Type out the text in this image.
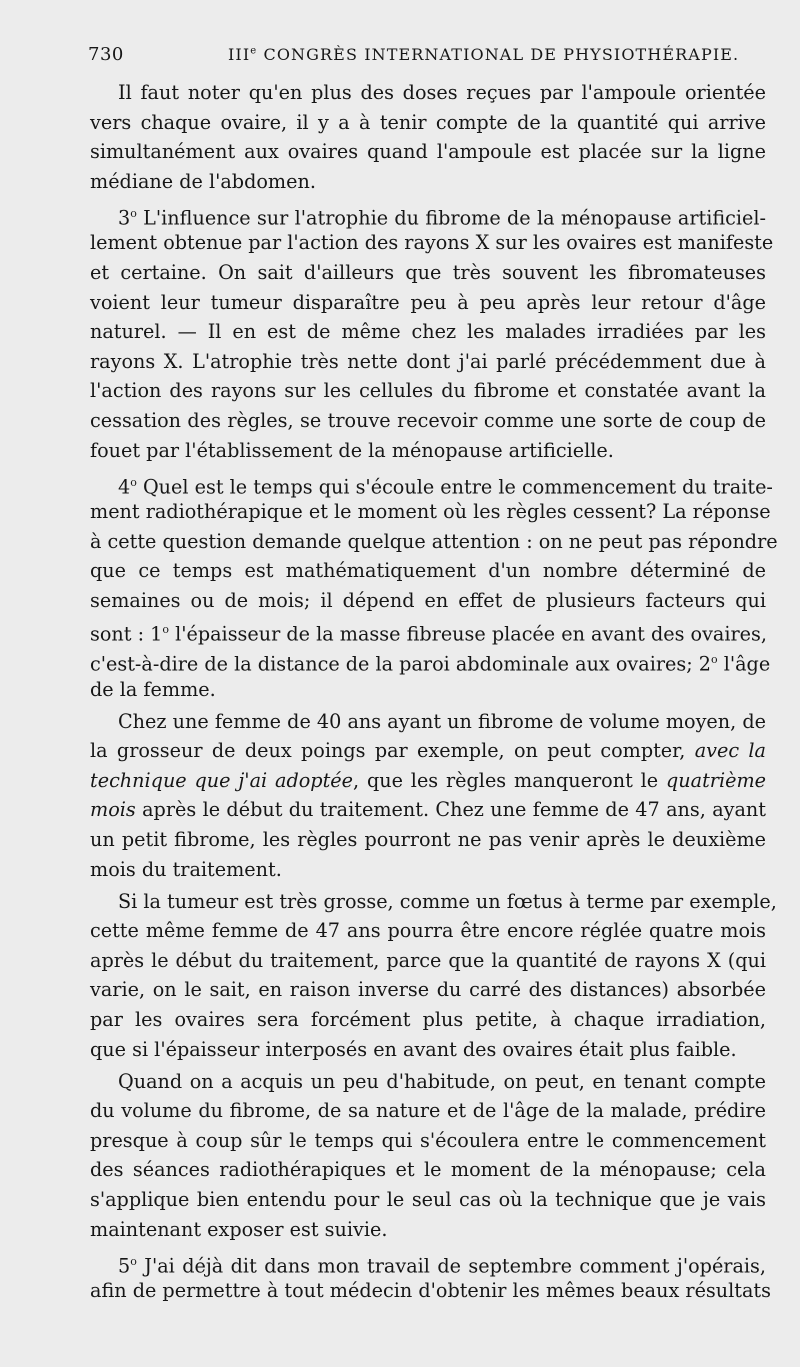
730	IIIe CONGRÈS INTERNATIONAL DE PHYSIOTHÉRAPIE.
Il faut noter qu'en plus des doses reçues par l'ampoule orientée
vers chaque ovaire, il y a à tenir compte de la quantité qui arrive
simultanément aux ovaires quand l'ampoule est placée sur la ligne
médiane de l'abdomen.
3$^o$ L'influence sur l'atrophie du fibrome de la ménopause artificiel-
lement obtenue par l'action des rayons X sur les ovaires est manifeste
et certaine. On sait d'ailleurs que très souvent les fibromateuses
voient leur tumeur disparaître peu à peu après leur retour d'âge
naturel. — Il en est de même chez les malades irradiées par les
rayons X. L'atrophie très nette dont j'ai parlé précédemment due à
l'action des rayons sur les cellules du fibrome et constatée avant la
cessation des règles, se trouve recevoir comme une sorte de coup de
fouet par l'établissement de la ménopause artificielle.
4$^o$ Quel est le temps qui s'écoule entre le commencement du traite-
ment radiothérapique et le moment où les règles cessent? La réponse
à cette question demande quelque attention : on ne peut pas répondre
que ce temps est mathématiquement d'un nombre déterminé de
semaines ou de mois; il dépend en effet de plusieurs facteurs qui
sont : 1$^o$ l'épaisseur de la masse fibreuse placée en avant des ovaires,
c'est-à-dire de la distance de la paroi abdominale aux ovaires; 2$^o$ l'âge
de la femme.
Chez une femme de 40 ans ayant un fibrome de volume moyen, de
la grosseur de deux poings par exemple, on peut compter, avec la
technique que j'ai adoptée, que les règles manqueront le quatrième
mois après le début du traitement. Chez une femme de 47 ans, ayant
un petit fibrome, les règles pourront ne pas venir après le deuxième
mois du traitement.
Si la tumeur est très grosse, comme un fœtus à terme par exemple,
cette même femme de 47 ans pourra être encore réglée quatre mois
après le début du traitement, parce que la quantité de rayons X (qui
varie, on le sait, en raison inverse du carré des distances) absorbée
par les ovaires sera forcément plus petite, à chaque irradiation,
que si l'épaisseur interposés en avant des ovaires était plus faible.
Quand on a acquis un peu d'habitude, on peut, en tenant compte
du volume du fibrome, de sa nature et de l'âge de la malade, prédire
presque à coup sûr le temps qui s'écoulera entre le commencement
des séances radiothérapiques et le moment de la ménopause; cela
s'applique bien entendu pour le seul cas où la technique que je vais
maintenant exposer est suivie.
5$^o$ J'ai déjà dit dans mon travail de septembre comment j'opérais,
afin de permettre à tout médecin d'obtenir les mêmes beaux résultats
